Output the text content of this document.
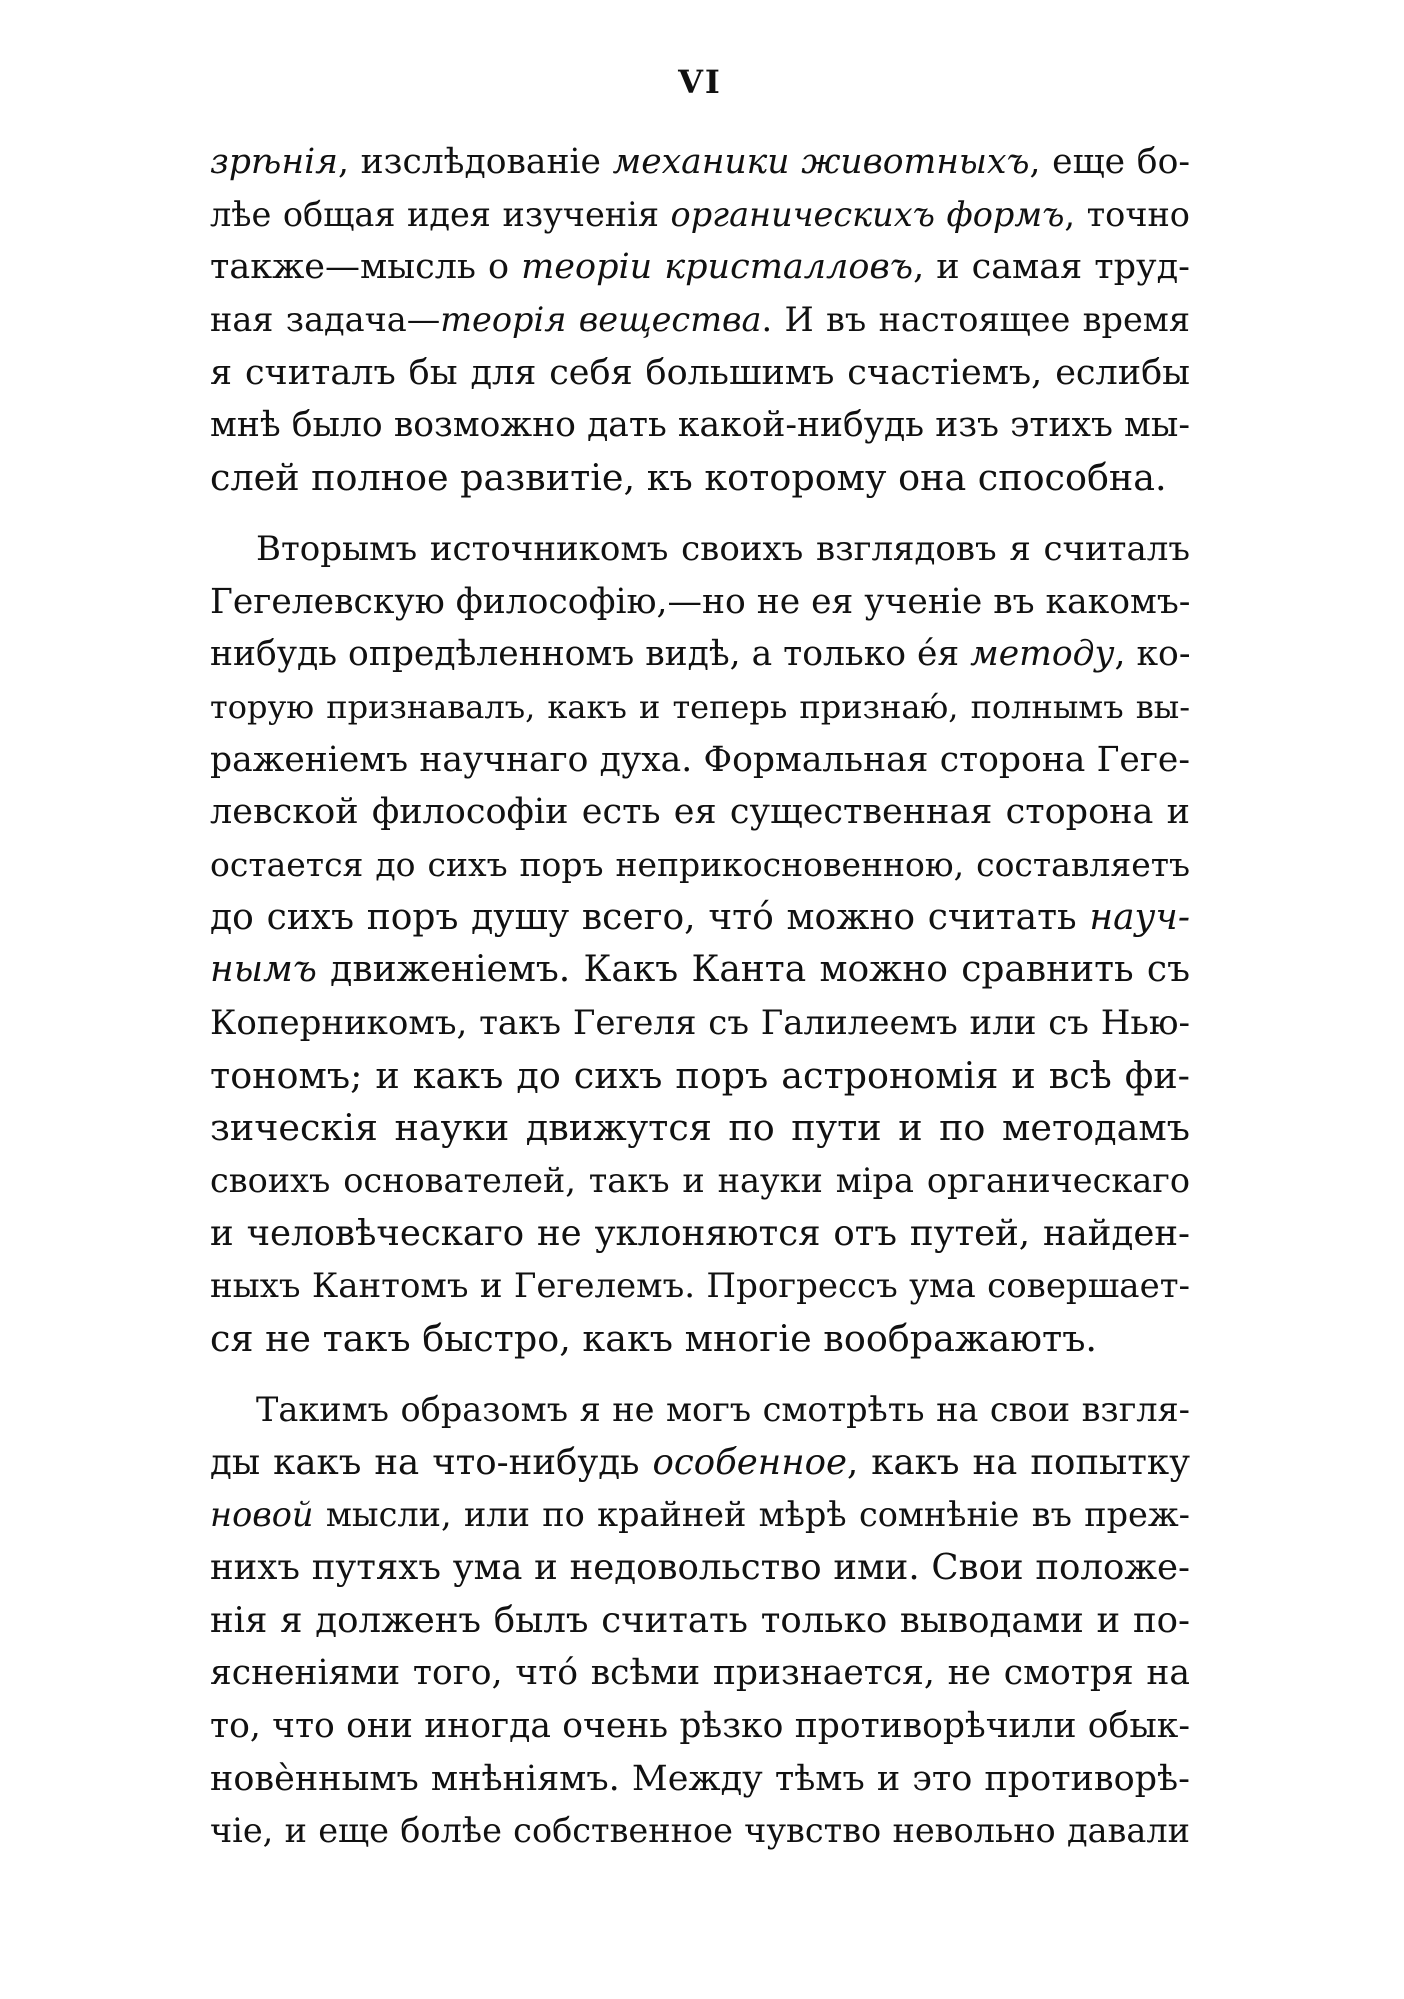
VI
зрѣнія, изслѣдованіе механики животныхъ, еще бо-
лѣе общая идея изученія органическихъ формъ, точно
также—мысль о теоріи кристалловъ, и самая труд-
ная задача—теорія вещества. И въ настоящее время
я считалъ бы для себя большимъ счастіемъ, еслибы
мнѣ было возможно дать какой-нибудь изъ этихъ мы-
слей полное развитіе, къ которому она способна.
Вторымъ источникомъ своихъ взглядовъ я считалъ
Гегелевскую философію,—но не ея ученіе въ какомъ-
нибудь опредѣленномъ видѣ, а только е́я методу, ко-
торую признавалъ, какъ и теперь признаю́, полнымъ вы-
раженіемъ научнаго духа. Формальная сторона Геге-
левской философіи есть ея существенная сторона и
остается до сихъ поръ неприкосновенною, составляетъ
до сихъ поръ душу всего, что́ можно считать науч-
нымъ движеніемъ. Какъ Канта можно сравнить съ
Коперникомъ, такъ Гегеля съ Галилеемъ или съ Нью-
тономъ; и какъ до сихъ поръ астрономія и всѣ фи-
зическія науки движутся по пути и по методамъ
своихъ основателей, такъ и науки міра органическаго
и человѣческаго не уклоняются отъ путей, найден-
ныхъ Кантомъ и Гегелемъ. Прогрессъ ума совершает-
ся не такъ быстро, какъ многіе воображаютъ.
Такимъ образомъ я не могъ смотрѣть на свои взгля-
ды какъ на что-нибудь особенное, какъ на попытку
новой мысли, или по крайней мѣрѣ сомнѣніе въ преж-
нихъ путяхъ ума и недовольство ими. Свои положе-
нія я долженъ былъ считать только выводами и по-
ясненіями того, что́ всѣми признается, не смотря на
то, что они иногда очень рѣзко противорѣчили обык-
новѐннымъ мнѣніямъ. Между тѣмъ и это противорѣ-
чіе, и еще болѣе собственное чувство невольно давали
